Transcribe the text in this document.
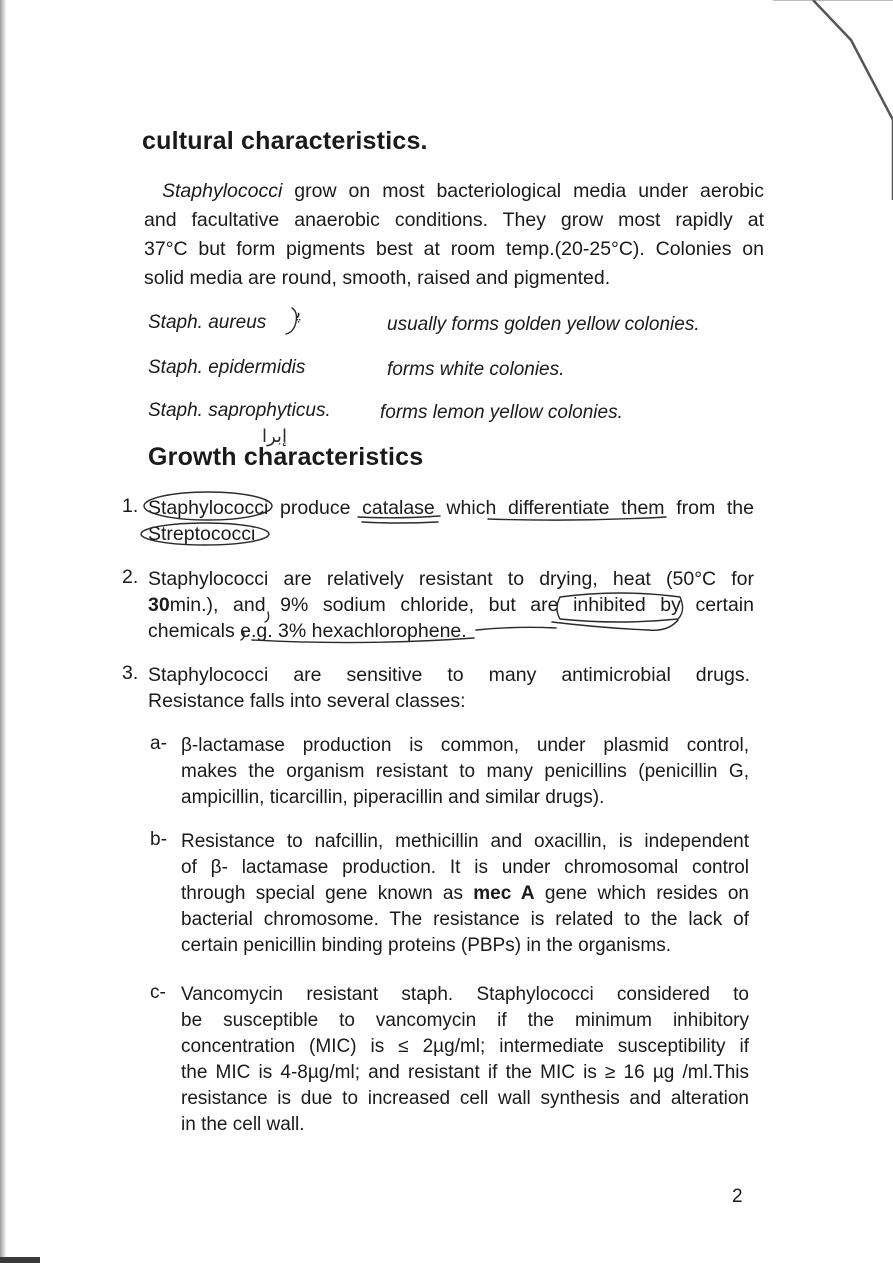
cultural characteristics.
Staphylococci grow on most bacteriological media under aerobic
and facultative anaerobic conditions. They grow most rapidly at
37°C but form pigments best at room temp.(20-25°C). Colonies on
solid media are round, smooth, raised and pigmented.
Staph. aureus	usually forms golden yellow colonies.
Staph. epidermidis	forms white colonies.
Staph. saprophyticus.	forms lemon yellow colonies.
Growth characteristics
1. Staphylococci produce catalase which differentiate them from the
Streptococci
2. Staphylococci are relatively resistant to drying, heat (50°C for
30min.), and 9% sodium chloride, but are inhibited by certain
chemicals e.g. 3% hexachlorophene.
3. Staphylococci are sensitive to many antimicrobial drugs.
Resistance falls into several classes:
a- β-lactamase production is common, under plasmid control,
makes the organism resistant to many penicillins (penicillin G,
ampicillin, ticarcillin, piperacillin and similar drugs).
b- Resistance to nafcillin, methicillin and oxacillin, is independent
of β- lactamase production. It is under chromosomal control
through special gene known as mec A gene which resides on
bacterial chromosome. The resistance is related to the lack of
certain penicillin binding proteins (PBPs) in the organisms.
c- Vancomycin resistant staph. Staphylococci considered to
be susceptible to vancomycin if the minimum inhibitory
concentration (MIC) is ≤ 2µg/ml; intermediate susceptibility if
the MIC is 4-8µg/ml; and resistant if the MIC is ≥ 16 µg /ml.This
resistance is due to increased cell wall synthesis and alteration
in the cell wall.
2
ﭘ
إبرا
